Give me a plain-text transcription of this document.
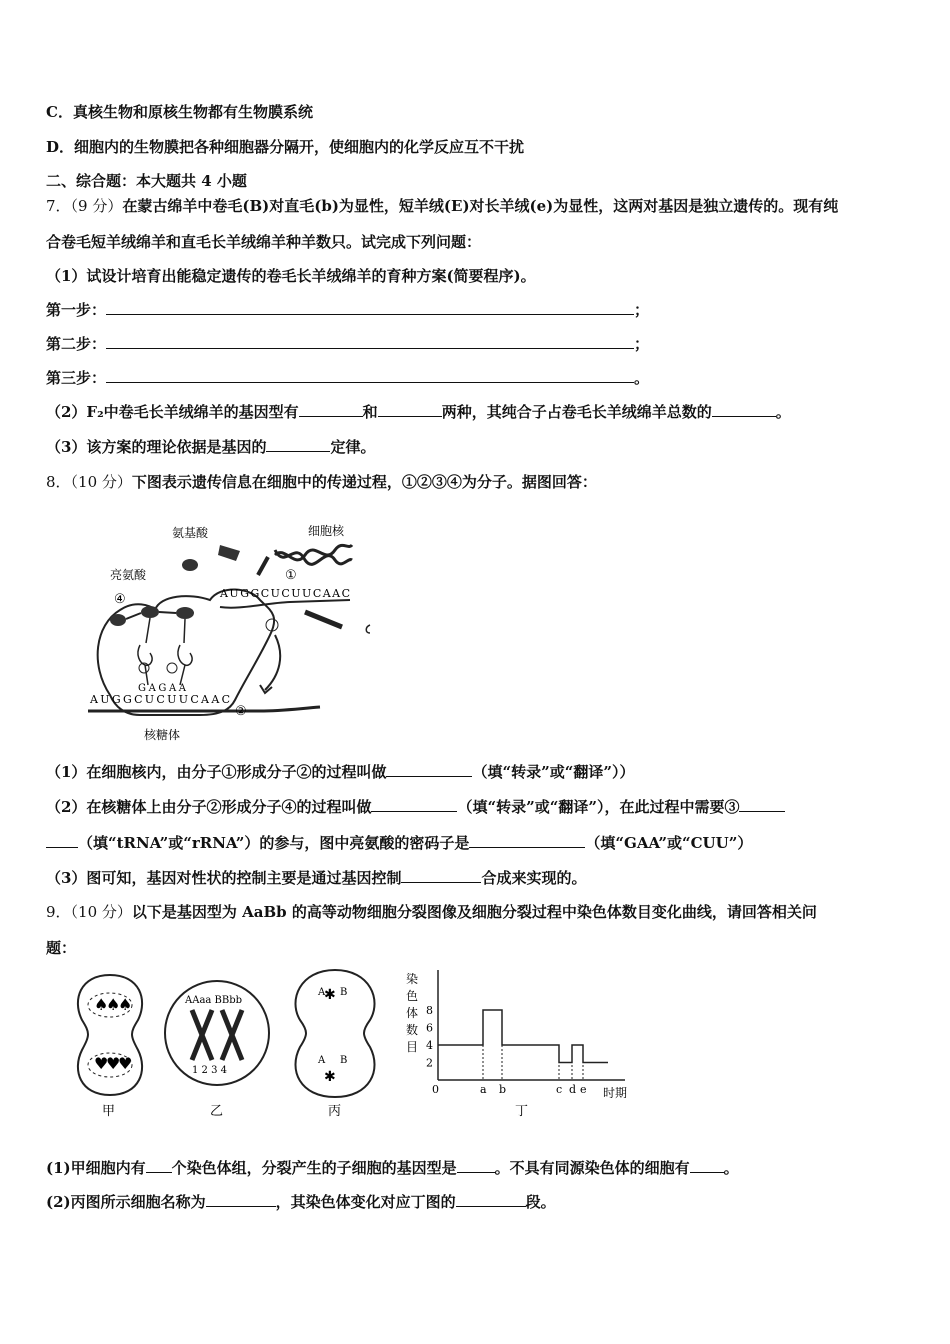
C．真核生物和原核生物都有生物膜系统
D．细胞内的生物膜把各种细胞器分隔开，使细胞内的化学反应互不干扰
二、综合题：本大题共 4 小题
7．（9 分）在蒙古绵羊中卷毛(B)对直毛(b)为显性，短羊绒(E)对长羊绒(e)为显性，这两对基因是独立遗传的。现有纯
合卷毛短羊绒绵羊和直毛长羊绒绵羊种羊数只。试完成下列问题：
（1）试设计培育出能稳定遗传的卷毛长羊绒绵羊的育种方案(简要程序)。
第一步：	；
第二步：	；
第三步：	。
（2）F₂中卷毛长羊绒绵羊的基因型有	和	两种，其纯合子占卷毛长羊绒绵羊总数的	。
（3）该方案的理论依据是基因的	定律。
8．（10 分）下图表示遗传信息在细胞中的传递过程，①②③④为分子。据图回答：
AUGGCUCUUCAAC
GAGAA
④
亮氨酸
氨基酸	细胞核
①
AUGGCUCUUCAAC
②
核糖体
（1）在细胞核内，由分子①形成分子②的过程叫做	（填“转录”或“翻译”））
（2）在核糖体上由分子②形成分子④的过程叫做	（填“转录”或“翻译”），在此过程中需要③
（填“tRNA”或“rRNA”）的参与，图中亮氨酸的密码子是	（填“GAA”或“CUU”）
（3）图可知，基因对性状的控制主要是通过基因控制	合成来实现的。
9．（10 分）以下是基因型为 AaBb 的高等动物细胞分裂图像及细胞分裂过程中染色体数目变化曲线，请回答相关问
题：
♠
♠
♠
♥
♥
♥
甲
AAaa BBbb
1 2 3 4
乙
A B
A B
✱
✱
丙
染
色
体
数
目
8
6
4
2
a b	c d e
0	时期
丁
(1)甲细胞内有 个染色体组，分裂产生的子细胞的基因型是	。不具有同源染色体的细胞有 。
(2)丙图所示细胞名称为	，其染色体变化对应丁图的	段。
